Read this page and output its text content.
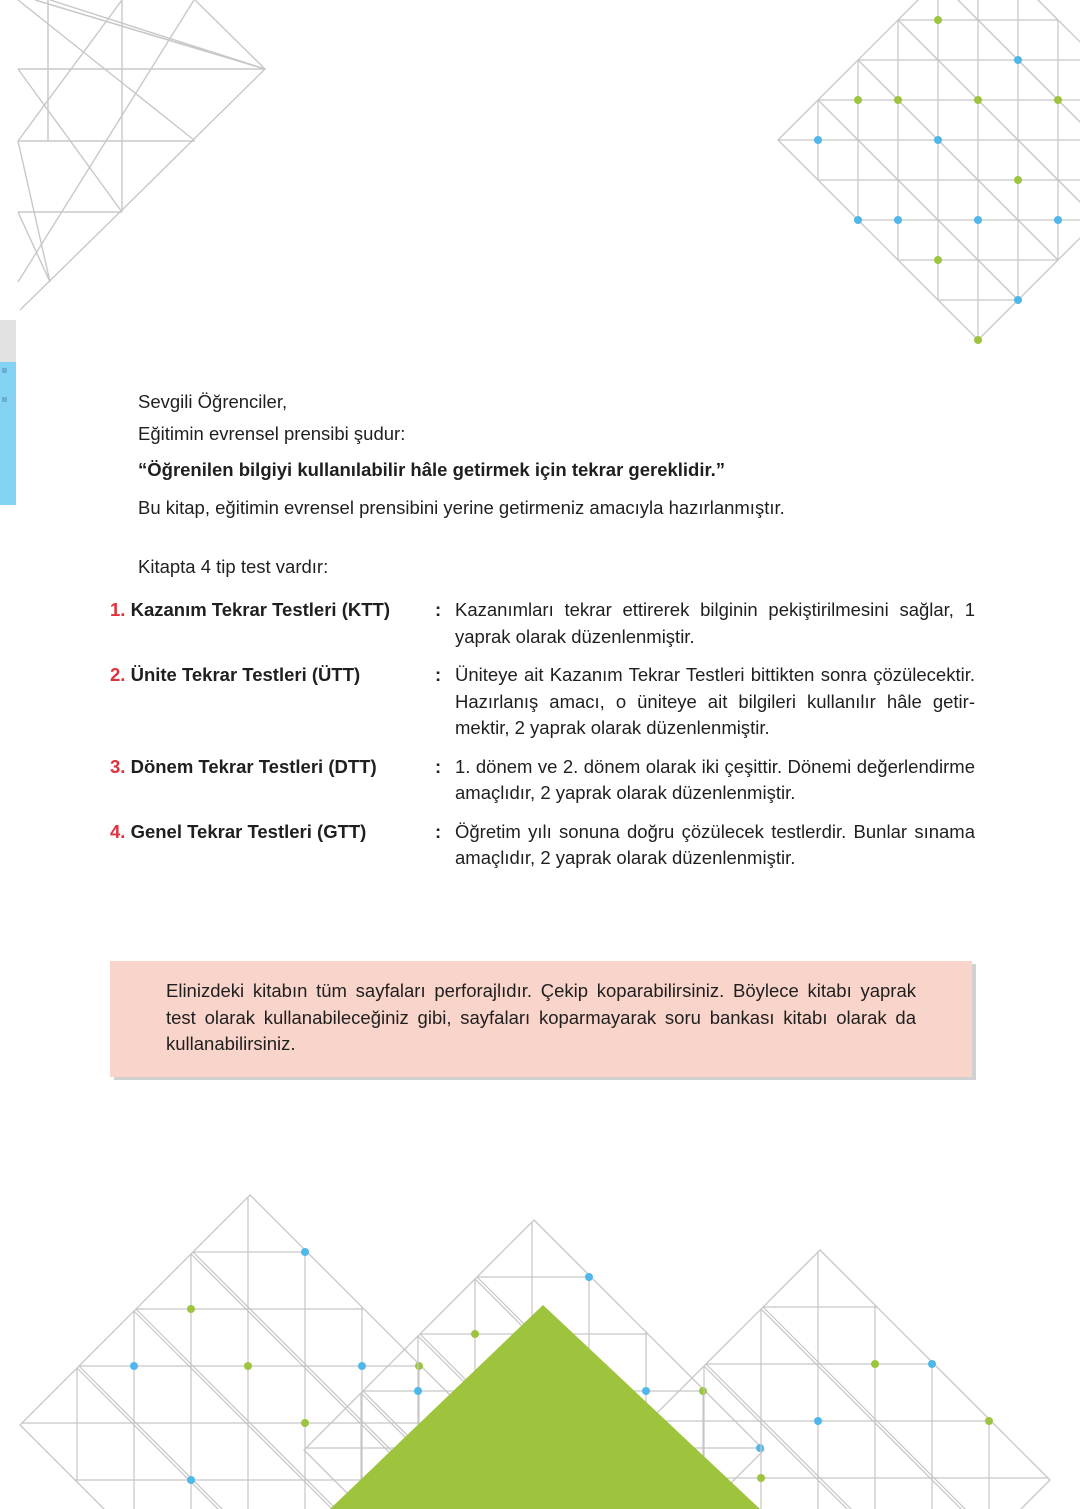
Sevgili Öğrenciler,

Eğitimin evrensel prensibi şudur:

“Öğrenilen bilgiyi kullanılabilir hâle getirmek için tekrar gereklidir.”

Bu kitap, eğitimin evrensel prensibini yerine getirmeniz amacıyla hazırlanmıştır.

Kitapta 4 tip test vardır:

1. Kazanım Tekrar Testleri (KTT) : Kazanımları tekrar ettirerek bilginin pekiştirilmesini sağlar, 1 yaprak olarak düzenlenmiştir.
2. Ünite Tekrar Testleri (ÜTT)	: Üniteye ait Kazanım Tekrar Testleri bittikten sonra çözülecektir. Hazırlanış amacı, o üniteye ait bilgileri kullanılır hâle getirmektir, 2 yaprak olarak düzenlenmiştir.
3. Dönem Tekrar Testleri (DTT)	: 1. dönem ve 2. dönem olarak iki çeşittir. Dönemi değerlendirme amaçlıdır, 2 yaprak olarak düzenlenmiştir.
4. Genel Tekrar Testleri (GTT)	: Öğretim yılı sonuna doğru çözülecek testlerdir. Bunlar sınama amaçlıdır, 2 yaprak olarak düzenlenmiştir.

Elinizdeki kitabın tüm sayfaları perforajlıdır. Çekip koparabilirsiniz. Böylece kitabı yaprak test olarak kullanabileceğiniz gibi, sayfaları koparmayarak soru bankası kitabı olarak da kullanabilirsiniz.
